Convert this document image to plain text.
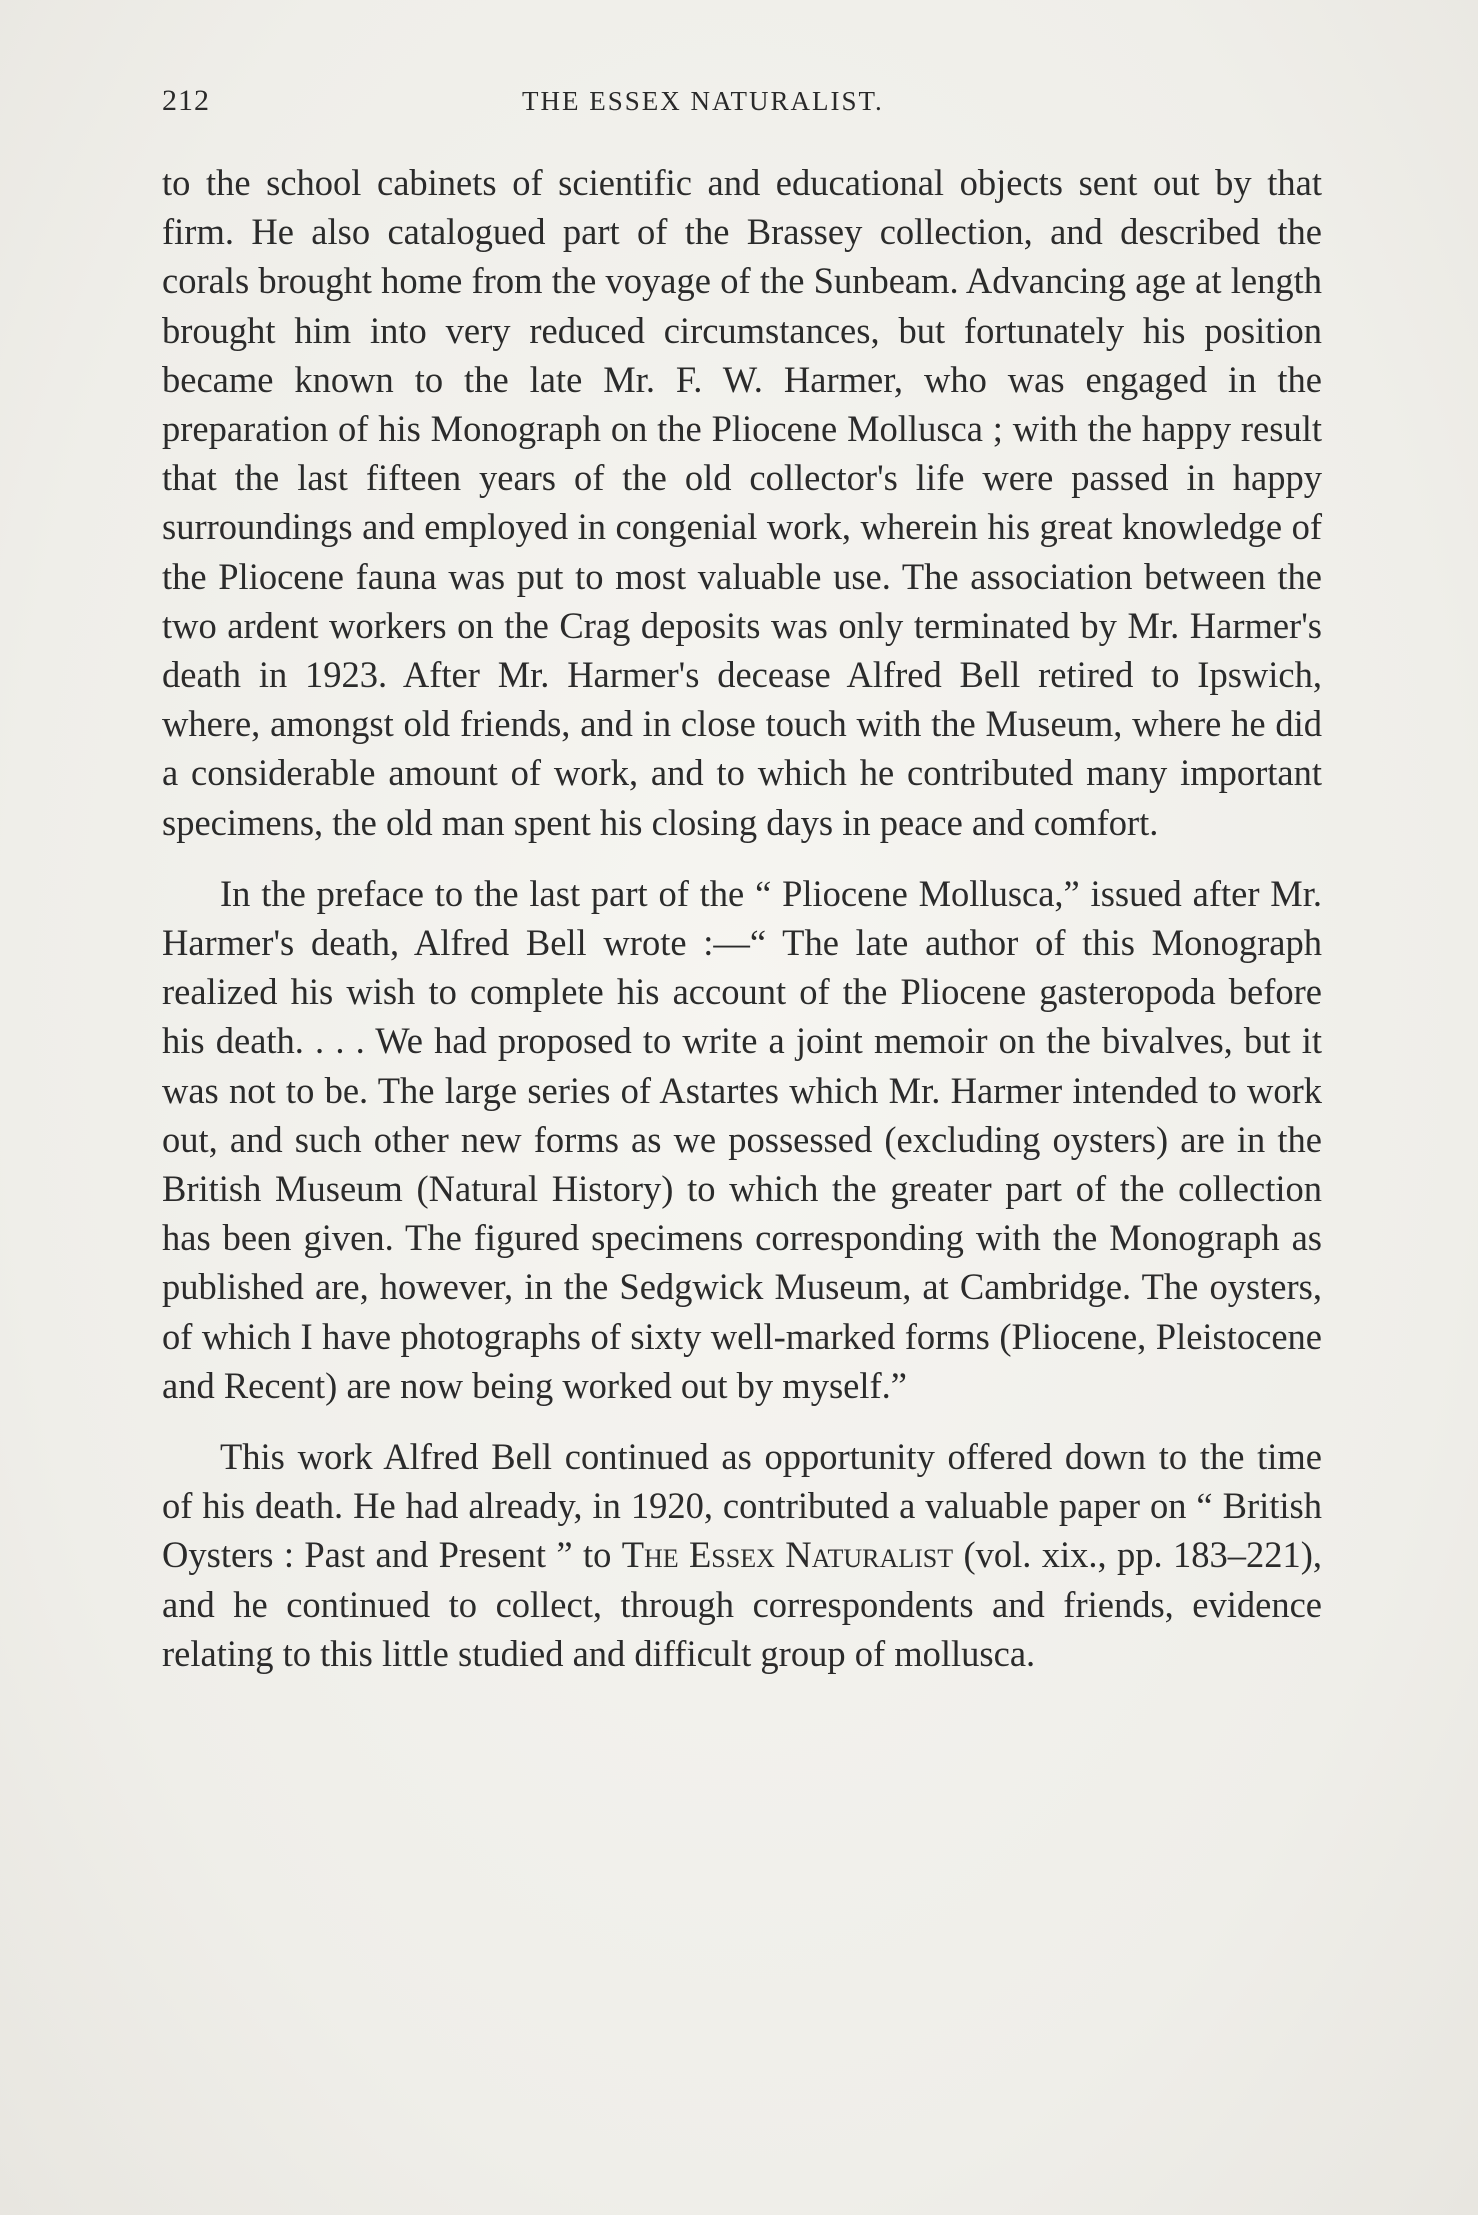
212	THE ESSEX NATURALIST.

to the school cabinets of scientific and educational objects sent out by that firm. He also catalogued part of the Brassey collection, and described the corals brought home from the voyage of the Sunbeam. Advancing age at length brought him into very reduced circumstances, but fortunately his position became known to the late Mr. F. W. Harmer, who was engaged in the preparation of his Monograph on the Pliocene Mollusca ; with the happy result that the last fifteen years of the old collector's life were passed in happy surroundings and employed in congenial work, wherein his great knowledge of the Pliocene fauna was put to most valuable use. The association between the two ardent workers on the Crag deposits was only terminated by Mr. Harmer's death in 1923. After Mr. Harmer's decease Alfred Bell retired to Ipswich, where, amongst old friends, and in close touch with the Museum, where he did a considerable amount of work, and to which he contributed many important specimens, the old man spent his closing days in peace and comfort.

In the preface to the last part of the “ Pliocene Mollusca,” issued after Mr. Harmer's death, Alfred Bell wrote :—“ The late author of this Monograph realized his wish to complete his account of the Pliocene gasteropoda before his death. . . . We had proposed to write a joint memoir on the bivalves, but it was not to be. The large series of Astartes which Mr. Harmer intended to work out, and such other new forms as we possessed (excluding oysters) are in the British Museum (Natural History) to which the greater part of the collection has been given. The figured specimens corresponding with the Monograph as published are, however, in the Sedgwick Museum, at Cambridge. The oysters, of which I have photographs of sixty well-marked forms (Pliocene, Pleistocene and Recent) are now being worked out by myself.”

This work Alfred Bell continued as opportunity offered down to the time of his death. He had already, in 1920, contributed a valuable paper on “ British Oysters : Past and Present ” to The Essex Naturalist (vol. xix., pp. 183–221), and he continued to collect, through correspondents and friends, evidence relating to this little studied and difficult group of mollusca.
